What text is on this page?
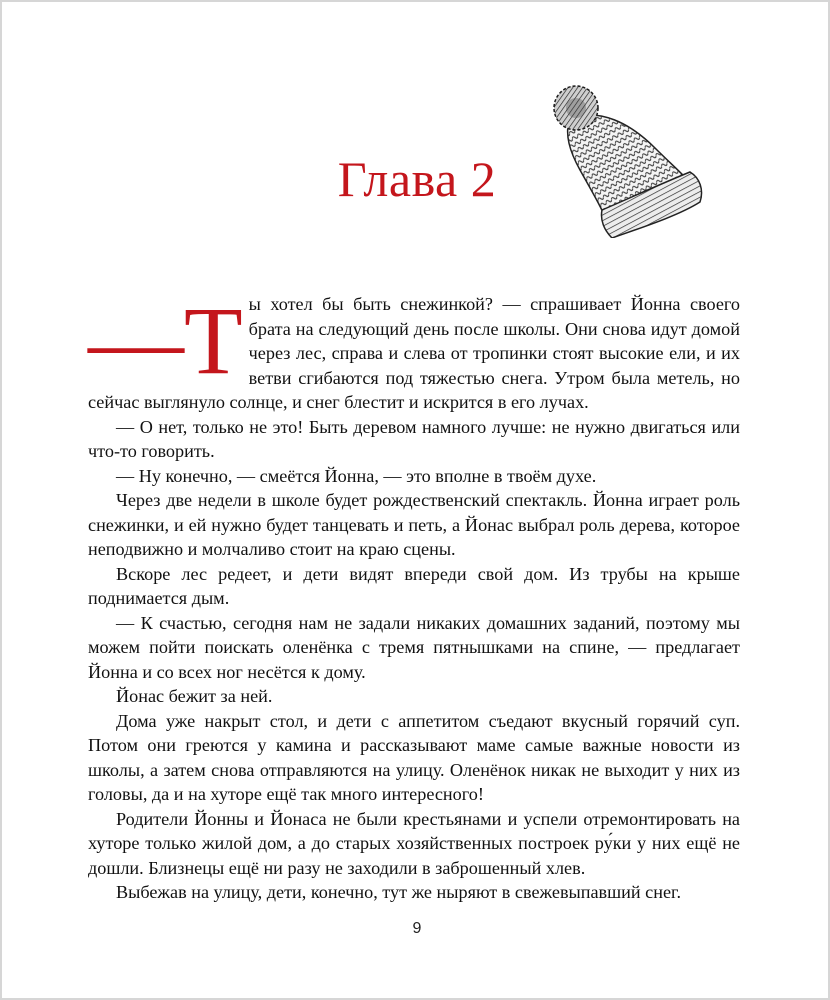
Глава 2

—Т ы хотел бы быть снежинкой? — спрашивает Йонна своего брата на следующий день после школы. Они снова идут домой через лес, справа и слева от тропинки стоят высокие ели, и их ветви сгибаются под тяжестью снега. Утром была метель, но сейчас выглянуло солнце, и снег блестит и искрится в его лучах.

— О нет, только не это! Быть деревом намного лучше: не нужно двигаться или что-то говорить.

— Ну конечно, — смеётся Йонна, — это вполне в твоём духе.

Через две недели в школе будет рождественский спектакль. Йонна играет роль снежинки, и ей нужно будет танцевать и петь, а Йонас выбрал роль дерева, которое неподвижно и молчаливо стоит на краю сцены.

Вскоре лес редеет, и дети видят впереди свой дом. Из трубы на крыше поднимается дым.

— К счастью, сегодня нам не задали никаких домашних заданий, поэтому мы можем пойти поискать оленёнка с тремя пятнышками на спине, — предлагает Йонна и со всех ног несётся к дому.

Йонас бежит за ней.

Дома уже накрыт стол, и дети с аппетитом съедают вкусный горячий суп. Потом они греются у камина и рассказывают маме самые важные новости из школы, а затем снова отправляются на улицу. Оленёнок никак не выходит у них из головы, да и на хуторе ещё так много интересного!

Родители Йонны и Йонаса не были крестьянами и успели отремонтировать на хуторе только жилой дом, а до старых хозяйственных построек ру́ки у них ещё не дошли. Близнецы ещё ни разу не заходили в заброшенный хлев.

Выбежав на улицу, дети, конечно, тут же ныряют в свежевыпавший снег.

9
